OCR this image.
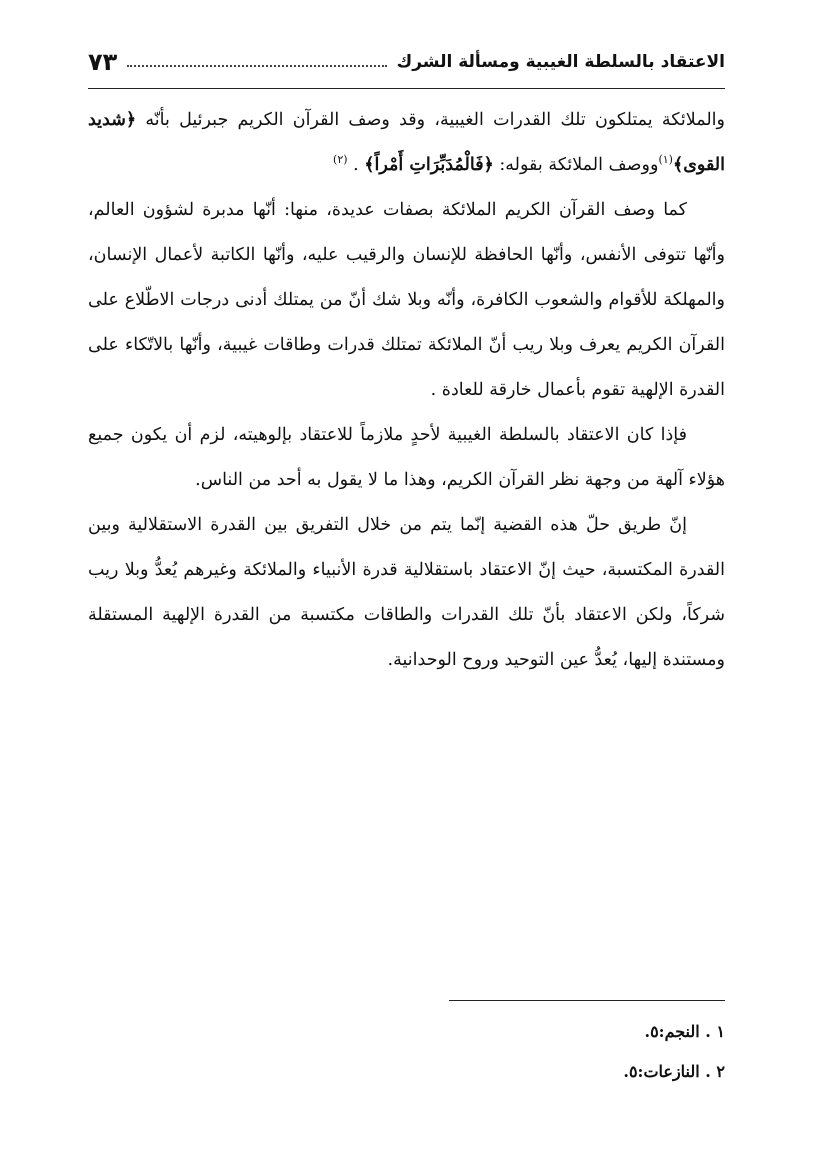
الاعتقاد بالسلطة الغيبية ومسألة الشرك
٧٣

والملائكة يمتلكون تلك القدرات الغيبية، وقد وصف القرآن الكريم جبرئيل بأنّه ﴿شديد القوى﴾$^{(١)}$ووصف الملائكة بقوله: ﴿فَالْمُدَبِّرَاتِ أَمْراً﴾ . $^{(٢)}$

كما وصف القرآن الكريم الملائكة بصفات عديدة، منها: أنّها مدبرة لشؤون العالم، وأنّها تتوفى الأنفس، وأنّها الحافظة للإنسان والرقيب عليه، وأنّها الكاتبة لأعمال الإنسان، والمهلكة للأقوام والشعوب الكافرة، وأنّه وبلا شك أنّ من يمتلك أدنى درجات الاطّلاع على القرآن الكريم يعرف وبلا ريب أنّ الملائكة تمتلك قدرات وطاقات غيبية، وأنّها بالاتّكاء على القدرة الإلهية تقوم بأعمال خارقة للعادة .

فإذا كان الاعتقاد بالسلطة الغيبية لأحدٍ ملازماً للاعتقاد بإلوهيته، لزم أن يكون جميع هؤلاء آلهة من وجهة نظر القرآن الكريم، وهذا ما لا يقول به أحد من الناس.

إنّ طريق حلّ هذه القضية إنّما يتم من خلال التفريق بين القدرة الاستقلالية وبين القدرة المكتسبة، حيث إنّ الاعتقاد باستقلالية قدرة الأنبياء والملائكة وغيرهم يُعدُّ وبلا ريب شركاً، ولكن الاعتقاد بأنّ تلك القدرات والطاقات مكتسبة من القدرة الإلهية المستقلة ومستندة إليها، يُعدُّ عين التوحيد وروح الوحدانية.

١ . النجم:٥.
٢ . النازعات:٥.
